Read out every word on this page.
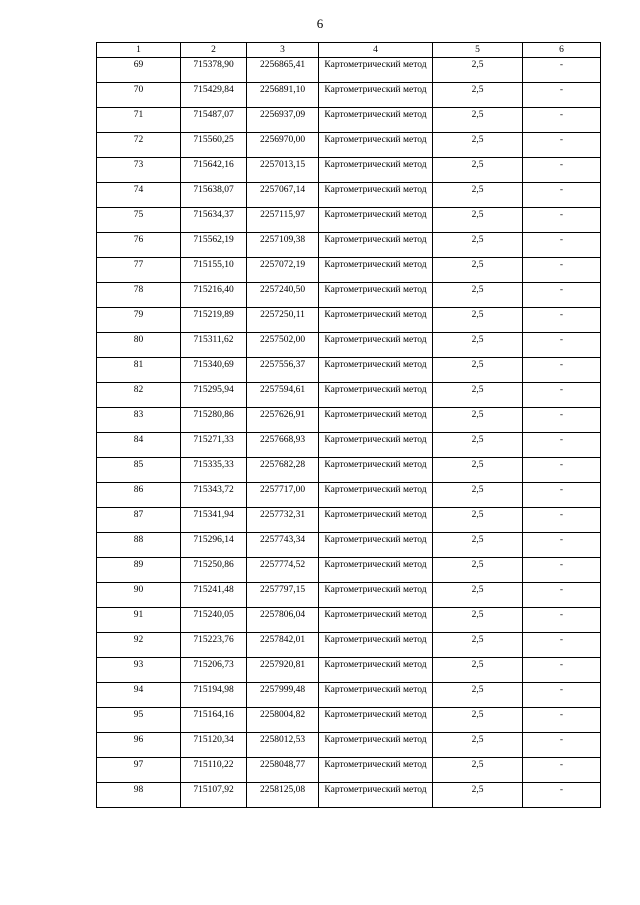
6
1	2	3	4	5	6
69	715378,90	2256865,41	Картометрический метод	2,5	-
70	715429,84	2256891,10	Картометрический метод	2,5	-
71	715487,07	2256937,09	Картометрический метод	2,5	-
72	715560,25	2256970,00	Картометрический метод	2,5	-
73	715642,16	2257013,15	Картометрический метод	2,5	-
74	715638,07	2257067,14	Картометрический метод	2,5	-
75	715634,37	2257115,97	Картометрический метод	2,5	-
76	715562,19	2257109,38	Картометрический метод	2,5	-
77	715155,10	2257072,19	Картометрический метод	2,5	-
78	715216,40	2257240,50	Картометрический метод	2,5	-
79	715219,89	2257250,11	Картометрический метод	2,5	-
80	715311,62	2257502,00	Картометрический метод	2,5	-
81	715340,69	2257556,37	Картометрический метод	2,5	-
82	715295,94	2257594,61	Картометрический метод	2,5	-
83	715280,86	2257626,91	Картометрический метод	2,5	-
84	715271,33	2257668,93	Картометрический метод	2,5	-
85	715335,33	2257682,28	Картометрический метод	2,5	-
86	715343,72	2257717,00	Картометрический метод	2,5	-
87	715341,94	2257732,31	Картометрический метод	2,5	-
88	715296,14	2257743,34	Картометрический метод	2,5	-
89	715250,86	2257774,52	Картометрический метод	2,5	-
90	715241,48	2257797,15	Картометрический метод	2,5	-
91	715240,05	2257806,04	Картометрический метод	2,5	-
92	715223,76	2257842,01	Картометрический метод	2,5	-
93	715206,73	2257920,81	Картометрический метод	2,5	-
94	715194,98	2257999,48	Картометрический метод	2,5	-
95	715164,16	2258004,82	Картометрический метод	2,5	-
96	715120,34	2258012,53	Картометрический метод	2,5	-
97	715110,22	2258048,77	Картометрический метод	2,5	-
98	715107,92	2258125,08	Картометрический метод	2,5	-
